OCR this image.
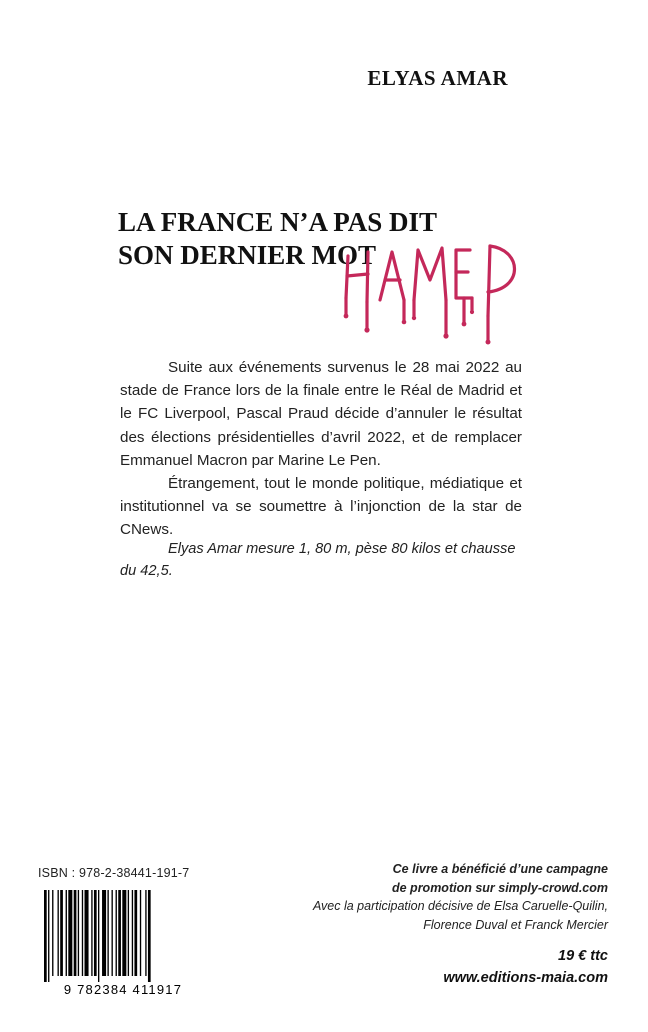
ELYAS AMAR
LA FRANCE N’A PAS DIT
SON DERNIER MOT

Suite aux événements survenus le 28 mai 2022 au stade de France lors de la finale entre le Réal de Madrid et le FC Liverpool, Pascal Praud décide d’annuler le résultat des élections présidentielles d’avril 2022, et de remplacer Emmanuel Macron par Marine Le Pen.

Étrangement, tout le monde politique, médiatique et institutionnel va se soumettre à l’injonction de la star de CNews.

Elyas Amar mesure 1, 80 m, pèse 80 kilos et chausse du 42,5.
ISBN : 978-2-38441-191-7
9 782384 411917
Ce livre a bénéficié d’une campagne
de promotion sur simply-crowd.com
Avec la participation décisive de Elsa Caruelle-Quilin,
Florence Duval et Franck Mercier
19 € ttc
www.editions-maia.com
